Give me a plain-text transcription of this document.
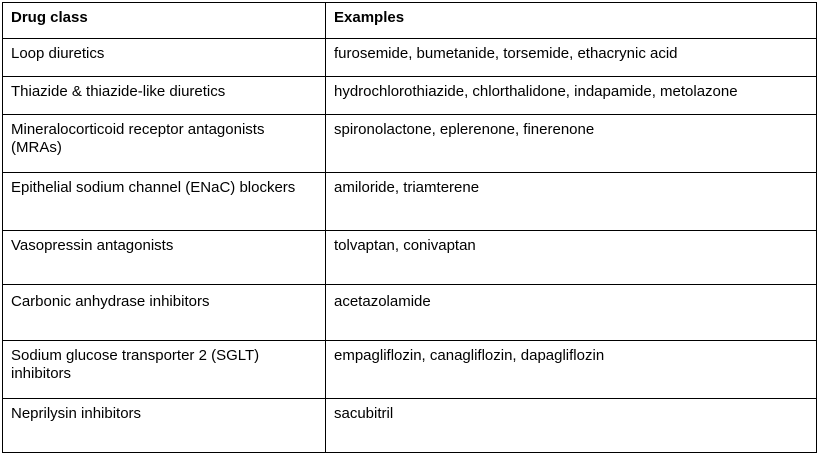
Drug class	Examples
Loop diuretics	furosemide, bumetanide, torsemide, ethacrynic acid
Thiazide & thiazide-like diuretics	hydrochlorothiazide, chlorthalidone, indapamide, metolazone
Mineralocorticoid receptor antagonists (MRAs)	spironolactone, eplerenone, finerenone
Epithelial sodium channel (ENaC) blockers	amiloride, triamterene
Vasopressin antagonists	tolvaptan, conivaptan
Carbonic anhydrase inhibitors	acetazolamide
Sodium glucose transporter 2 (SGLT) inhibitors	empagliflozin, canagliflozin, dapagliflozin
Neprilysin inhibitors	sacubitril
